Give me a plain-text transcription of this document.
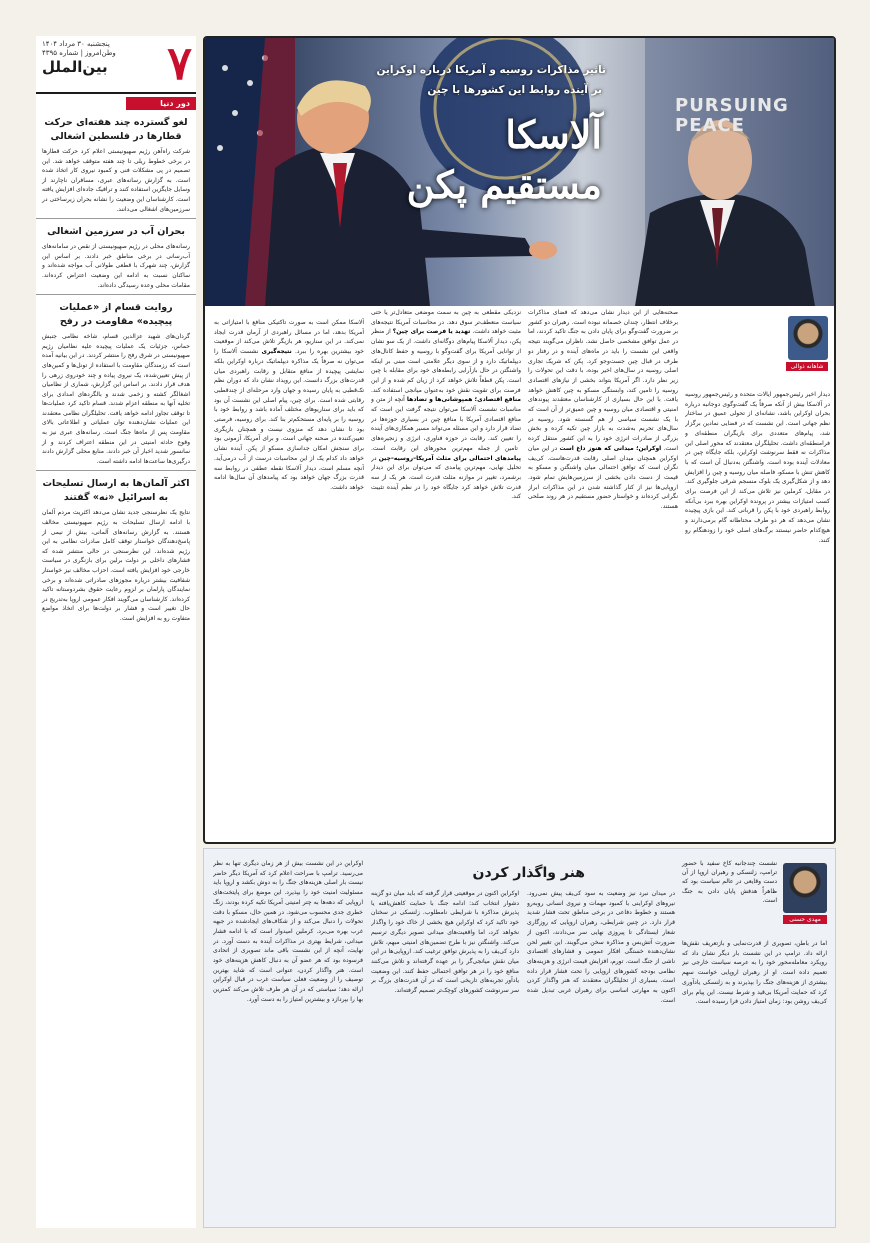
۷
پنجشنبه ۳۰ مرداد ۱۴۰۴
وطن‌امروز | شماره ۴۳۹۵
بین‌الملل
دور دنیا
لغو گسترده چند هفته‌ای حرکت قطارها در فلسطین اشغالی

شرکت راه‌آهن رژیم صهیونیستی اعلام کرد حرکت قطارها در برخی خطوط ریلی تا چند هفته متوقف خواهد شد. این تصمیم در پی مشکلات فنی و کمبود نیروی کار اتخاذ شده است. به گزارش رسانه‌های عبری، مسافران ناچارند از وسایل جایگزین استفاده کنند و ترافیک جاده‌ای افزایش یافته است. کارشناسان این وضعیت را نشانه بحران زیرساختی در سرزمین‌های اشغالی می‌دانند.

بحران آب در سرزمین اشغالی

رسانه‌های محلی در رژیم صهیونیستی از نقص در سامانه‌های آب‌رسانی در برخی مناطق خبر دادند. بر اساس این گزارش، چند شهرک با قطعی طولانی آب مواجه شده‌اند و ساکنان نسبت به ادامه این وضعیت اعتراض کرده‌اند. مقامات محلی وعده رسیدگی داده‌اند.

روایت قسام از «عملیات پیچیده» مقاومت در رفح

گردان‌های شهید عزالدین قسام، شاخه نظامی جنبش حماس، جزئیات یک عملیات پیچیده علیه نظامیان رژیم صهیونیستی در شرق رفح را منتشر کردند. در این بیانیه آمده است که رزمندگان مقاومت با استفاده از تونل‌ها و کمین‌های از پیش تعیین‌شده، یک نیروی پیاده و چند خودروی زرهی را هدف قرار دادند. بر اساس این گزارش، شماری از نظامیان اشغالگر کشته و زخمی شدند و بالگردهای امدادی برای تخلیه آنها به منطقه اعزام شدند. قسام تاکید کرد عملیات‌ها تا توقف تجاوز ادامه خواهد یافت. تحلیلگران نظامی معتقدند این عملیات نشان‌دهنده توان عملیاتی و اطلاعاتی بالای مقاومت پس از ماه‌ها جنگ است. رسانه‌های عبری نیز به وقوع حادثه امنیتی در این منطقه اعتراف کردند و از سانسور شدید اخبار آن خبر دادند. منابع محلی گزارش دادند درگیری‌ها ساعت‌ها ادامه داشته است.

اکثر آلمان‌ها به ارسال تسلیحات به اسرائیل «نه» گفتند

نتایج یک نظرسنجی جدید نشان می‌دهد اکثریت مردم آلمان با ادامه ارسال تسلیحات به رژیم صهیونیستی مخالف هستند. به گزارش رسانه‌های آلمانی، بیش از نیمی از پاسخ‌دهندگان خواستار توقف کامل صادرات نظامی به این رژیم شده‌اند. این نظرسنجی در حالی منتشر شده که فشارهای داخلی بر دولت برلین برای بازنگری در سیاست خارجی خود افزایش یافته است. احزاب مخالف نیز خواستار شفافیت بیشتر درباره مجوزهای صادراتی شده‌اند و برخی نمایندگان پارلمان بر لزوم رعایت حقوق بشردوستانه تاکید کرده‌اند. کارشناسان می‌گویند افکار عمومی اروپا به‌تدریج در حال تغییر است و فشار بر دولت‌ها برای اتخاذ مواضع متفاوت رو به افزایش است.

PURSUING
PEACE
تاثیر مذاکرات روسیه و آمریکا درباره اوکراین
بر آینده روابط این کشورها با چین
آلاسکا
مستقیم پکن
شاهانه ذوالی
دیدار اخیر رئیس‌جمهور ایالات متحده و رئیس‌جمهور روسیه در آلاسکا بیش از آنکه صرفاً یک گفت‌وگوی دوجانبه درباره بحران اوکراین باشد، نشانه‌ای از تحولی عمیق در ساختار نظم جهانی است. این نشست که در فضایی نمادین برگزار شد، پیام‌های متعددی برای بازیگران منطقه‌ای و فرامنطقه‌ای داشت. تحلیلگران معتقدند که محور اصلی این مذاکرات نه فقط سرنوشت اوکراین، بلکه جایگاه چین در معادلات آینده بوده است. واشنگتن به‌دنبال آن است که با کاهش تنش با مسکو، فاصله میان روسیه و چین را افزایش دهد و از شکل‌گیری یک بلوک منسجم شرقی جلوگیری کند. در مقابل، کرملین نیز تلاش می‌کند از این فرصت برای کسب امتیازات بیشتر در پرونده اوکراین بهره ببرد بی‌آنکه روابط راهبردی خود با پکن را قربانی کند. این بازی پیچیده نشان می‌دهد که هر دو طرف محتاطانه گام برمی‌دارند و هیچ‌کدام حاضر نیستند برگ‌های اصلی خود را زودهنگام رو کنند.
صحنه‌هایی از این دیدار نشان می‌دهد که فضای مذاکرات برخلاف انتظار، چندان خصمانه نبوده است. رهبران دو کشور بر ضرورت گفت‌وگو برای پایان دادن به جنگ تاکید کردند، اما در عمل توافق مشخصی حاصل نشد. ناظران می‌گویند نتیجه واقعی این نشست را باید در ماه‌های آینده و در رفتار دو طرف در قبال چین جست‌وجو کرد. پکن که شریک تجاری اصلی روسیه در سال‌های اخیر بوده، با دقت این تحولات را زیر نظر دارد. اگر آمریکا بتواند بخشی از نیازهای اقتصادی روسیه را تامین کند، وابستگی مسکو به چین کاهش خواهد یافت. با این حال بسیاری از کارشناسان معتقدند پیوندهای امنیتی و اقتصادی میان روسیه و چین عمیق‌تر از آن است که با یک نشست سیاسی از هم گسسته شود. روسیه در سال‌های تحریم به‌شدت به بازار چین تکیه کرده و بخش بزرگی از صادرات انرژی خود را به این کشور منتقل کرده است. اوکراین؛ میدانی که هنوز داغ است در این میان اوکراین همچنان میدان اصلی رقابت قدرت‌هاست. کی‌یف نگران است که توافق احتمالی میان واشنگتن و مسکو به قیمت از دست دادن بخشی از سرزمین‌هایش تمام شود. اروپایی‌ها نیز از کنار گذاشته شدن در این مذاکرات ابراز نگرانی کرده‌اند و خواستار حضور مستقیم در هر روند صلحی هستند.
نزدیکی مقطعی به چین به سمت موضعی متعادل‌تر یا حتی سیاست منعطف‌تر سوق دهد. در محاسبات آمریکا نتیجه‌های مثبت خواهد داشت. تهدید یا فرصت برای چین؟ از منظر پکن، دیدار آلاسکا پیام‌های دوگانه‌ای داشت. از یک سو نشان از توانایی آمریکا برای گفت‌وگو با روسیه و حفظ کانال‌های دیپلماتیک دارد و از سوی دیگر علامتی است مبنی بر اینکه واشنگتن در حال بازآرایی رابطه‌های خود برای مقابله با چین است. پکن قطعاً تلاش خواهد کرد از زیان کم شده و از این فرصت برای تقویت نقش خود به‌عنوان میانجی استفاده کند. منافع اقتصادی؛ همپوشانی‌ها و تضادها آنچه از متن و مناسبات نشست آلاسکا می‌توان نتیجه گرفت این است که منافع اقتصادی آمریکا با منافع چین در بسیاری حوزه‌ها در تضاد قرار دارد و این مسئله می‌تواند مسیر همکاری‌های آینده را تعیین کند. رقابت در حوزه فناوری، انرژی و زنجیره‌های تامین از جمله مهم‌ترین محورهای این رقابت است. پیامدهای احتمالی برای مثلث آمریکا–روسیه–چین در تحلیل نهایی، مهم‌ترین پیامدی که می‌توان برای این دیدار برشمرد، تغییر در موازنه مثلث قدرت است. هر یک از سه قدرت تلاش خواهد کرد جایگاه خود را در نظم آینده تثبیت کند.
آلاسکا ممکن است به صورت تاکتیکی منافع با امتیازاتی به آمریکا بدهد، اما در مسائل راهبردی از آرمان قدرت ایجاد نمی‌کند. در این سناریو، هر بازیگر تلاش می‌کند از موقعیت خود بیشترین بهره را ببرد. نتیجه‌گیری نشست آلاسکا را می‌توان نه صرفاً یک مذاکره دیپلماتیک درباره اوکراین بلکه نمایشی پیچیده از منافع متقابل و رقابت راهبردی میان قدرت‌های بزرگ دانست. این رویداد نشان داد که دوران نظم تک‌قطبی به پایان رسیده و جهان وارد مرحله‌ای از چندقطبی رقابتی شده است. برای چین، پیام اصلی این نشست آن بود که باید برای سناریوهای مختلف آماده باشد و روابط خود با روسیه را بر پایه‌ای مستحکم‌تر بنا کند. برای روسیه، فرصتی بود تا نشان دهد که منزوی نیست و همچنان بازیگری تعیین‌کننده در صحنه جهانی است. و برای آمریکا، آزمونی بود برای سنجش امکان جداسازی مسکو از پکن. آینده نشان خواهد داد کدام یک از این محاسبات درست از آب درمی‌آید. آنچه مسلم است، دیدار آلاسکا نقطه عطفی در روابط سه قدرت بزرگ جهان خواهد بود که پیامدهای آن سال‌ها ادامه خواهد داشت.
هنر واگذار کردن
نشست چندجانبه کاخ سفید با حضور ترامپ، زلنسکی و رهبران اروپا از آن دست وقایعی در عالم سیاست بود که ظاهراً هدفش پایان دادن به جنگ است.
مهدی حسنی
اما در باطن، تصویری از قدرت‌نمایی و بازتعریف نقش‌ها ارائه داد. ترامپ در این نشست بار دیگر نشان داد که رویکرد معامله‌محور خود را به عرصه سیاست خارجی نیز تعمیم داده است. او از رهبران اروپایی خواست سهم بیشتری از هزینه‌های جنگ را بپذیرند و به زلنسکی یادآوری کرد که حمایت آمریکا بی‌قید و شرط نیست. این پیام برای کی‌یف روشن بود: زمان امتیاز دادن فرا رسیده است.
در میدان نبرد نیز وضعیت به سود کی‌یف پیش نمی‌رود. نیروهای اوکراینی با کمبود مهمات و نیروی انسانی روبه‌رو هستند و خطوط دفاعی در برخی مناطق تحت فشار شدید قرار دارد. در چنین شرایطی، رهبران اروپایی که روزگاری شعار ایستادگی تا پیروزی نهایی سر می‌دادند، اکنون از ضرورت آتش‌بس و مذاکره سخن می‌گویند. این تغییر لحن نشان‌دهنده خستگی افکار عمومی و فشارهای اقتصادی ناشی از جنگ است. تورم، افزایش قیمت انرژی و هزینه‌های نظامی بودجه کشورهای اروپایی را تحت فشار قرار داده است. بسیاری از تحلیلگران معتقدند که هنر واگذار کردن اکنون به مهارتی اساسی برای رهبران غربی تبدیل شده است.
اوکراین اکنون در موقعیتی قرار گرفته که باید میان دو گزینه دشوار انتخاب کند: ادامه جنگ با حمایت کاهش‌یافته یا پذیرش مذاکره با شرایطی نامطلوب. زلنسکی در سخنان خود تاکید کرد که اوکراین هیچ بخشی از خاک خود را واگذار نخواهد کرد، اما واقعیت‌های میدانی تصویر دیگری ترسیم می‌کند. واشنگتن نیز با طرح تضمین‌های امنیتی مبهم، تلاش دارد کی‌یف را به پذیرش توافق ترغیب کند. اروپایی‌ها در این میان نقش میانجی‌گر را بر عهده گرفته‌اند و تلاش می‌کنند منافع خود را در هر توافق احتمالی حفظ کنند. این وضعیت یادآور تجربه‌های تاریخی است که در آن قدرت‌های بزرگ بر سر سرنوشت کشورهای کوچک‌تر تصمیم گرفته‌اند.
اوکراین در این نشست بیش از هر زمان دیگری تنها به نظر می‌رسید. ترامپ با صراحت اعلام کرد که آمریکا دیگر حاضر نیست بار اصلی هزینه‌های جنگ را به دوش بکشد و اروپا باید مسئولیت امنیت خود را بپذیرد. این موضع برای پایتخت‌های اروپایی که دهه‌ها به چتر امنیتی آمریکا تکیه کرده بودند، زنگ خطری جدی محسوب می‌شود. در همین حال، مسکو با دقت تحولات را دنبال می‌کند و از شکاف‌های ایجادشده در جبهه غرب بهره می‌برد. کرملین امیدوار است که با ادامه فشار میدانی، شرایط بهتری در مذاکرات آینده به دست آورد. در نهایت، آنچه از این نشست باقی ماند تصویری از اتحادی فرسوده بود که هر عضو آن به دنبال کاهش هزینه‌های خود است. هنر واگذار کردن، عنوانی است که شاید بهترین توصیف را از وضعیت فعلی سیاست غرب در قبال اوکراین ارائه دهد؛ سیاستی که در آن هر طرف تلاش می‌کند کمترین بها را بپردازد و بیشترین امتیاز را به دست آورد.
